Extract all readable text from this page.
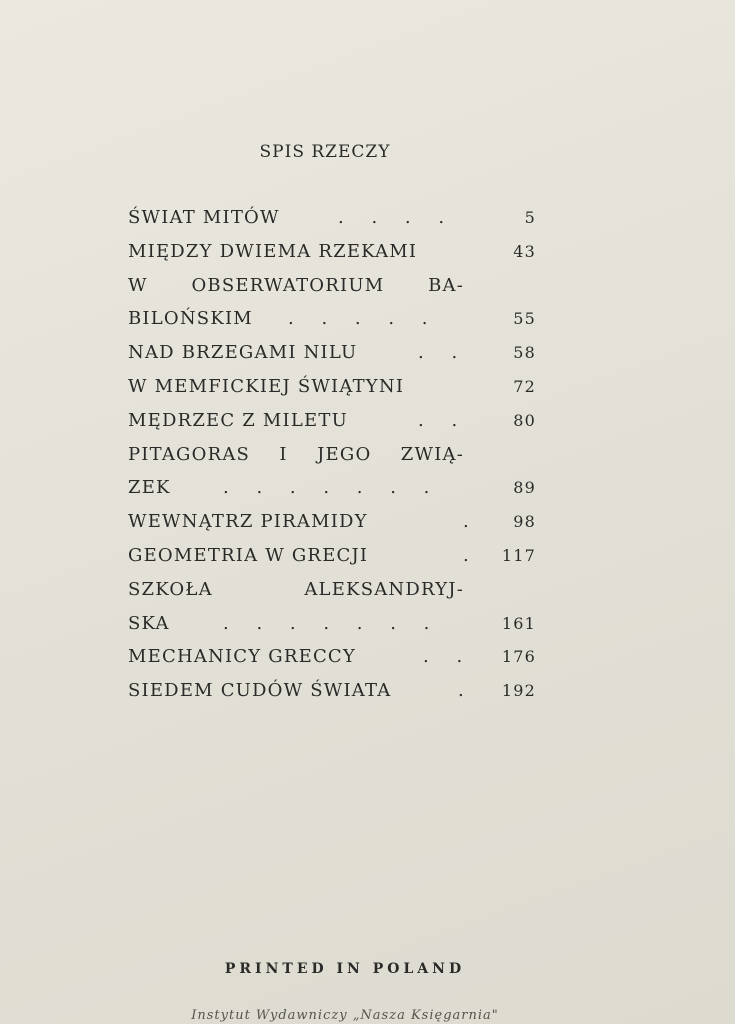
SPIS RZECZY
ŚWIAT MITÓW	. . . .	5
MIĘDZY DWIEMA RZEKAMI	43
W OBSERWATORIUM BA-
BILOŃSKIM . . . . .	55
NAD BRZEGAMI NILU	. .	58
W MEMFICKIEJ ŚWIĄTYNI	72
MĘDRZEC Z MILETU	. .	80
PITAGORAS I JEGO ZWIĄ-
ZEK	. . . . . . .	89
WEWNĄTRZ PIRAMIDY	. 98
GEOMETRIA W GRECJI	. 117
SZKOŁA ALEKSANDRYJ-
SKA	. . . . . . .	161
MECHANICY GRECCY	. . 176
SIEDEM CUDÓW ŚWIATA	. 192
PRINTED IN POLAND
Instytut Wydawniczy „Nasza Księgarnia"
